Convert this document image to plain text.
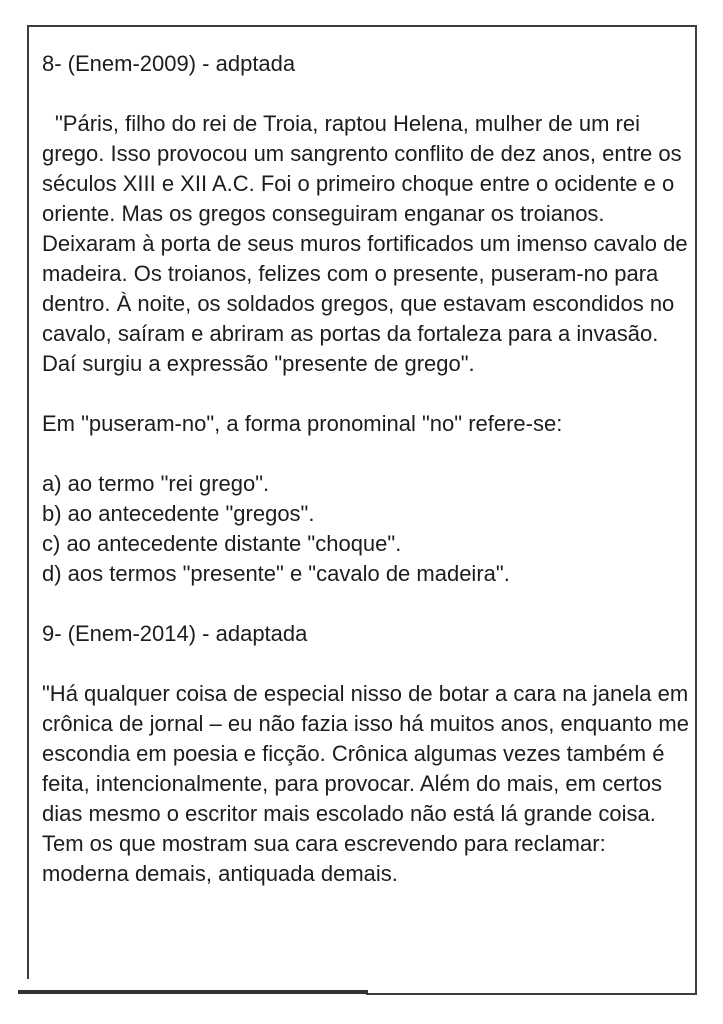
8- (Enem-2009) - adptada

"Páris, filho do rei de Troia, raptou Helena, mulher de um rei grego. Isso provocou um sangrento conflito de dez anos, entre os séculos XIII e XII A.C. Foi o primeiro choque entre o ocidente e o oriente. Mas os gregos conseguiram enganar os troianos. Deixaram à porta de seus muros fortificados um imenso cavalo de madeira. Os troianos, felizes com o presente, puseram-no para dentro. À noite, os soldados gregos, que estavam escondidos no cavalo, saíram e abriram as portas da fortaleza para a invasão. Daí surgiu a expressão "presente de grego".

Em "puseram-no", a forma pronominal "no" refere-se:

a) ao termo "rei grego".

b) ao antecedente "gregos".

c) ao antecedente distante "choque".

d) aos termos "presente" e "cavalo de madeira".

9- (Enem-2014) - adaptada

"Há qualquer coisa de especial nisso de botar a cara na janela em crônica de jornal – eu não fazia isso há muitos anos, enquanto me escondia em poesia e ficção. Crônica algumas vezes também é feita, intencionalmente, para provocar. Além do mais, em certos dias mesmo o escritor mais escolado não está lá grande coisa. Tem os que mostram sua cara escrevendo para reclamar: moderna demais, antiquada demais.
